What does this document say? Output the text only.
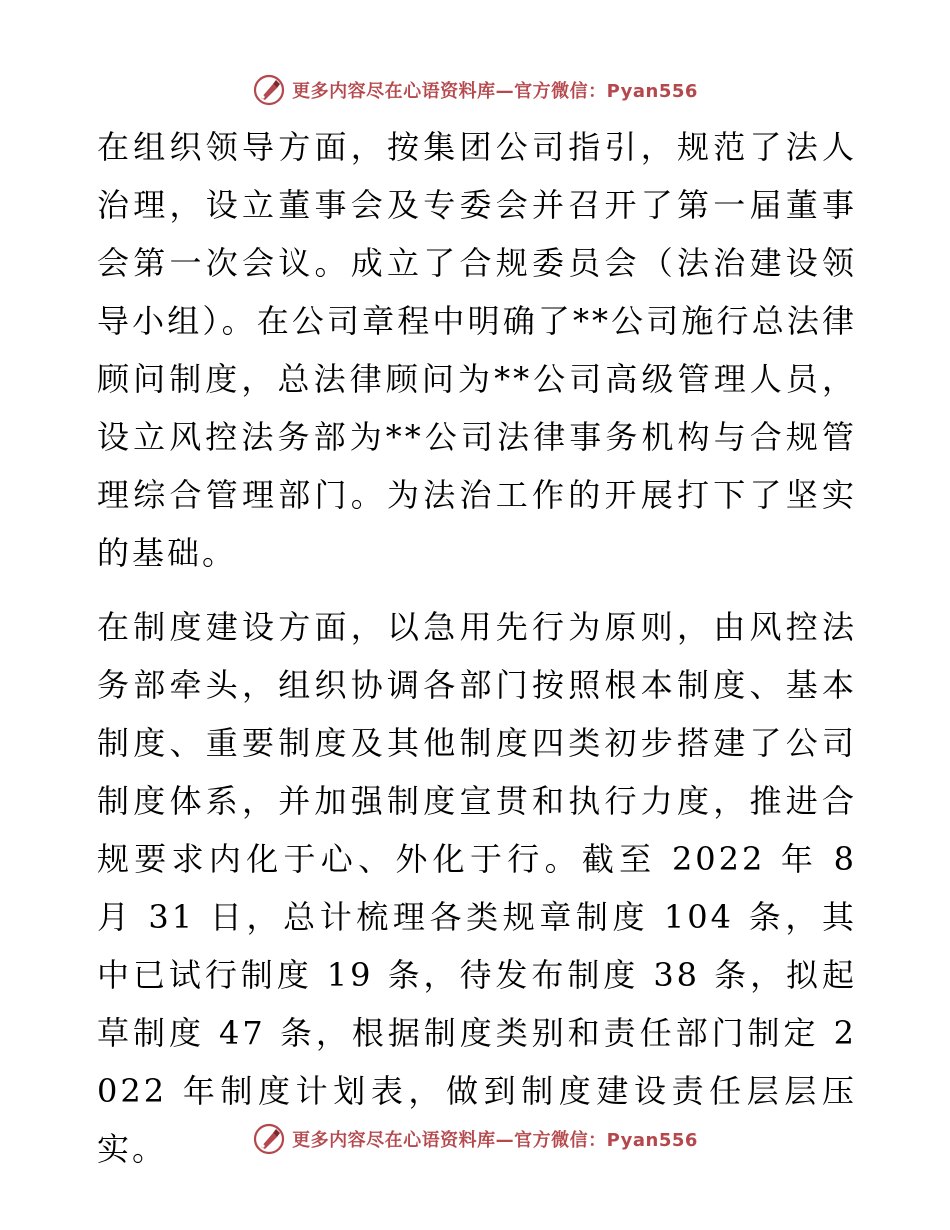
更多内容尽在心语资料库—官方微信：Pyan556

在组织领导方面，按集团公司指引，规范了法人治理，设立董事会及专委会并召开了第一届董事会第一次会议。成立了合规委员会（法治建设领导小组）。在公司章程中明确了**公司施行总法律顾问制度，总法律顾问为**公司高级管理人员，设立风控法务部为**公司法律事务机构与合规管理综合管理部门。为法治工作的开展打下了坚实的基础。

在制度建设方面，以急用先行为原则，由风控法务部牵头，组织协调各部门按照根本制度、基本制度、重要制度及其他制度四类初步搭建了公司制度体系，并加强制度宣贯和执行力度，推进合规要求内化于心、外化于行。截至 2022 年 8 月 31 日，总计梳理各类规章制度 104 条，其中已试行制度 19 条，待发布制度 38 条，拟起草制度 47 条，根据制度类别和责任部门制定 2022 年制度计划表，做到制度建设责任层层压实。	更多内容尽在心语资料库—官方微信：Pyan556
